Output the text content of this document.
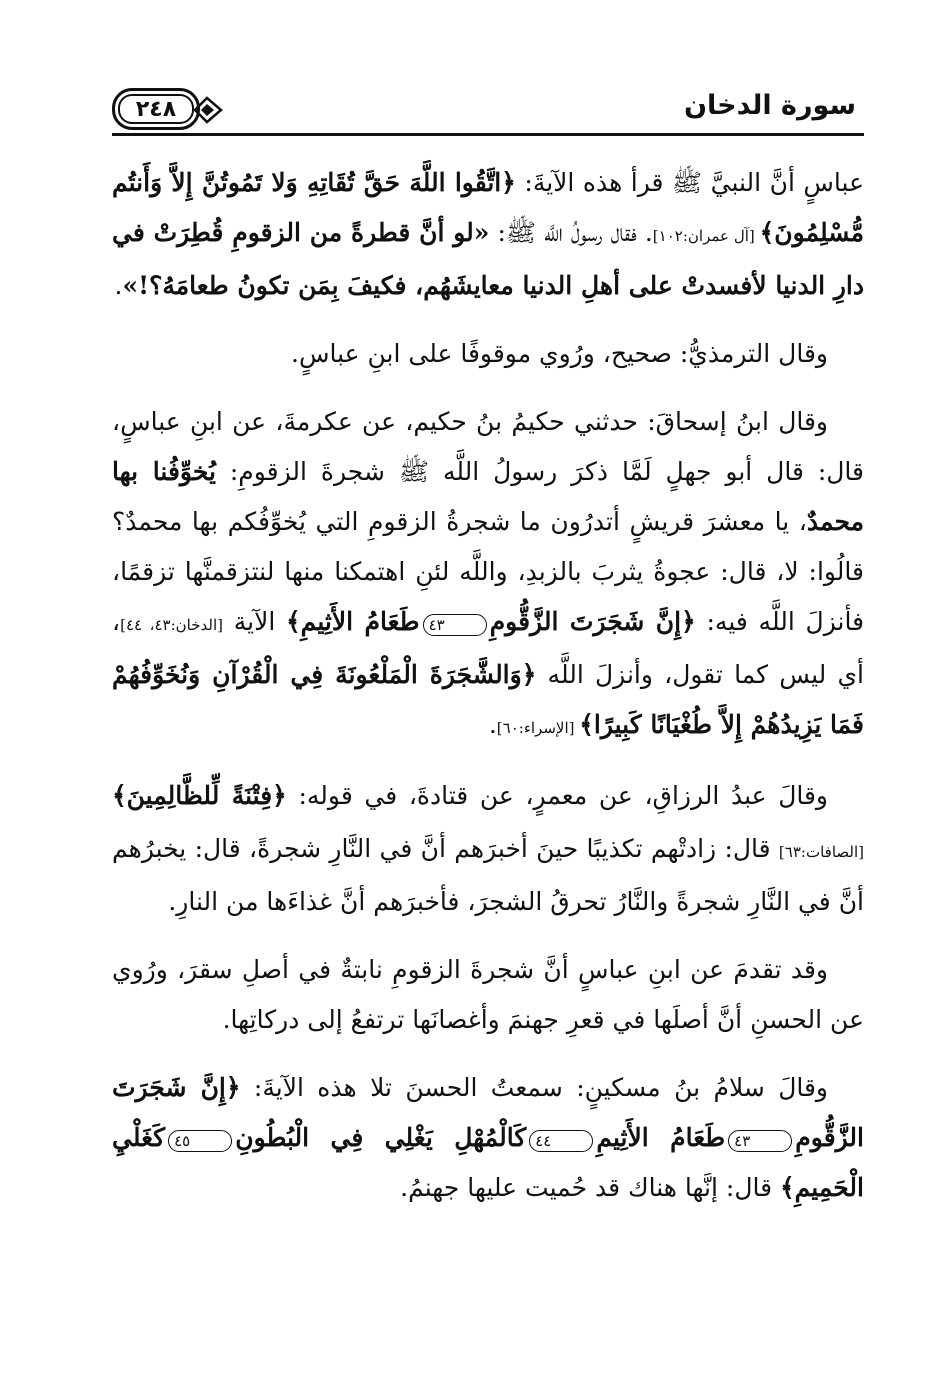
٢٤٨	سورة الدخان

عباسٍ أنَّ النبيَّ ﷺ قرأ هذه الآيةَ: ﴿اتَّقُوا اللَّهَ حَقَّ تُقَاتِهِ وَلا تَمُوتُنَّ إِلاَّ وَأَنتُم مُّسْلِمُونَ﴾ [آل عمران:١٠٢]. فقال رسولُ اللَّه ﷺ: «لو أنَّ قطرةً من الزقومِ قُطِرَتْ في دارِ الدنيا لأفسدتْ على أهلِ الدنيا معايشَهُم، فكيفَ بِمَن تكونُ طعامَهُ؟!».

وقال الترمذيُّ: صحيح، ورُوي موقوفًا على ابنِ عباسٍ.

وقال ابنُ إسحاقَ: حدثني حكيمُ بنُ حكيم، عن عكرمةَ، عن ابنِ عباسٍ، قال: قال أبو جهلٍ لَمَّا ذكرَ رسولُ اللَّه ﷺ شجرةَ الزقومِ: يُخوِّفُنا بها محمدٌ، يا معشرَ قريشٍ أتدرُون ما شجرةُ الزقومِ التي يُخوِّفُكم بها محمدٌ؟ قالُوا: لا، قال: عجوةُ يثربَ بالزبدِ، واللَّه لئنِ اهتمكنا منها لنتزقمنَّها تزقمًا، فأنزلَ اللَّه فيه: ﴿إِنَّ شَجَرَتَ الزَّقُّومِ٤٣طَعَامُ الأَثِيمِ﴾ الآية [الدخان:٤٣، ٤٤]، أي ليس كما تقول، وأنزلَ اللَّه ﴿وَالشَّجَرَةَ الْمَلْعُونَةَ فِي الْقُرْآنِ وَنُخَوِّفُهُمْ فَمَا يَزِيدُهُمْ إِلاَّ طُغْيَانًا كَبِيرًا﴾ [الإسراء:٦٠].

وقالَ عبدُ الرزاقِ، عن معمرٍ، عن قتادةَ، في قوله: ﴿فِتْنَةً لِّلظَّالِمِينَ﴾ [الصافات:٦٣] قال: زادتْهم تكذيبًا حينَ أخبرَهم أنَّ في النَّارِ شجرةً، قال: يخبرُهم أنَّ في النَّارِ شجرةً والنَّارُ تحرقُ الشجرَ، فأخبرَهم أنَّ غذاءَها من النارِ.

وقد تقدمَ عن ابنِ عباسٍ أنَّ شجرةَ الزقومِ نابتةٌ في أصلِ سقرَ، ورُوي عن الحسنِ أنَّ أصلَها في قعرِ جهنمَ وأغصانَها ترتفعُ إلى دركاتِها.

وقالَ سلامُ بنُ مسكينٍ: سمعتُ الحسنَ تلا هذه الآيةَ: ﴿إِنَّ شَجَرَتَ الزَّقُّومِ٤٣طَعَامُ الأَثِيمِ٤٤كَالْمُهْلِ يَغْلِي فِي الْبُطُونِ٤٥كَغَلْيِ الْحَمِيمِ﴾ قال: إنَّها هناك قد حُميت عليها جهنمُ.
